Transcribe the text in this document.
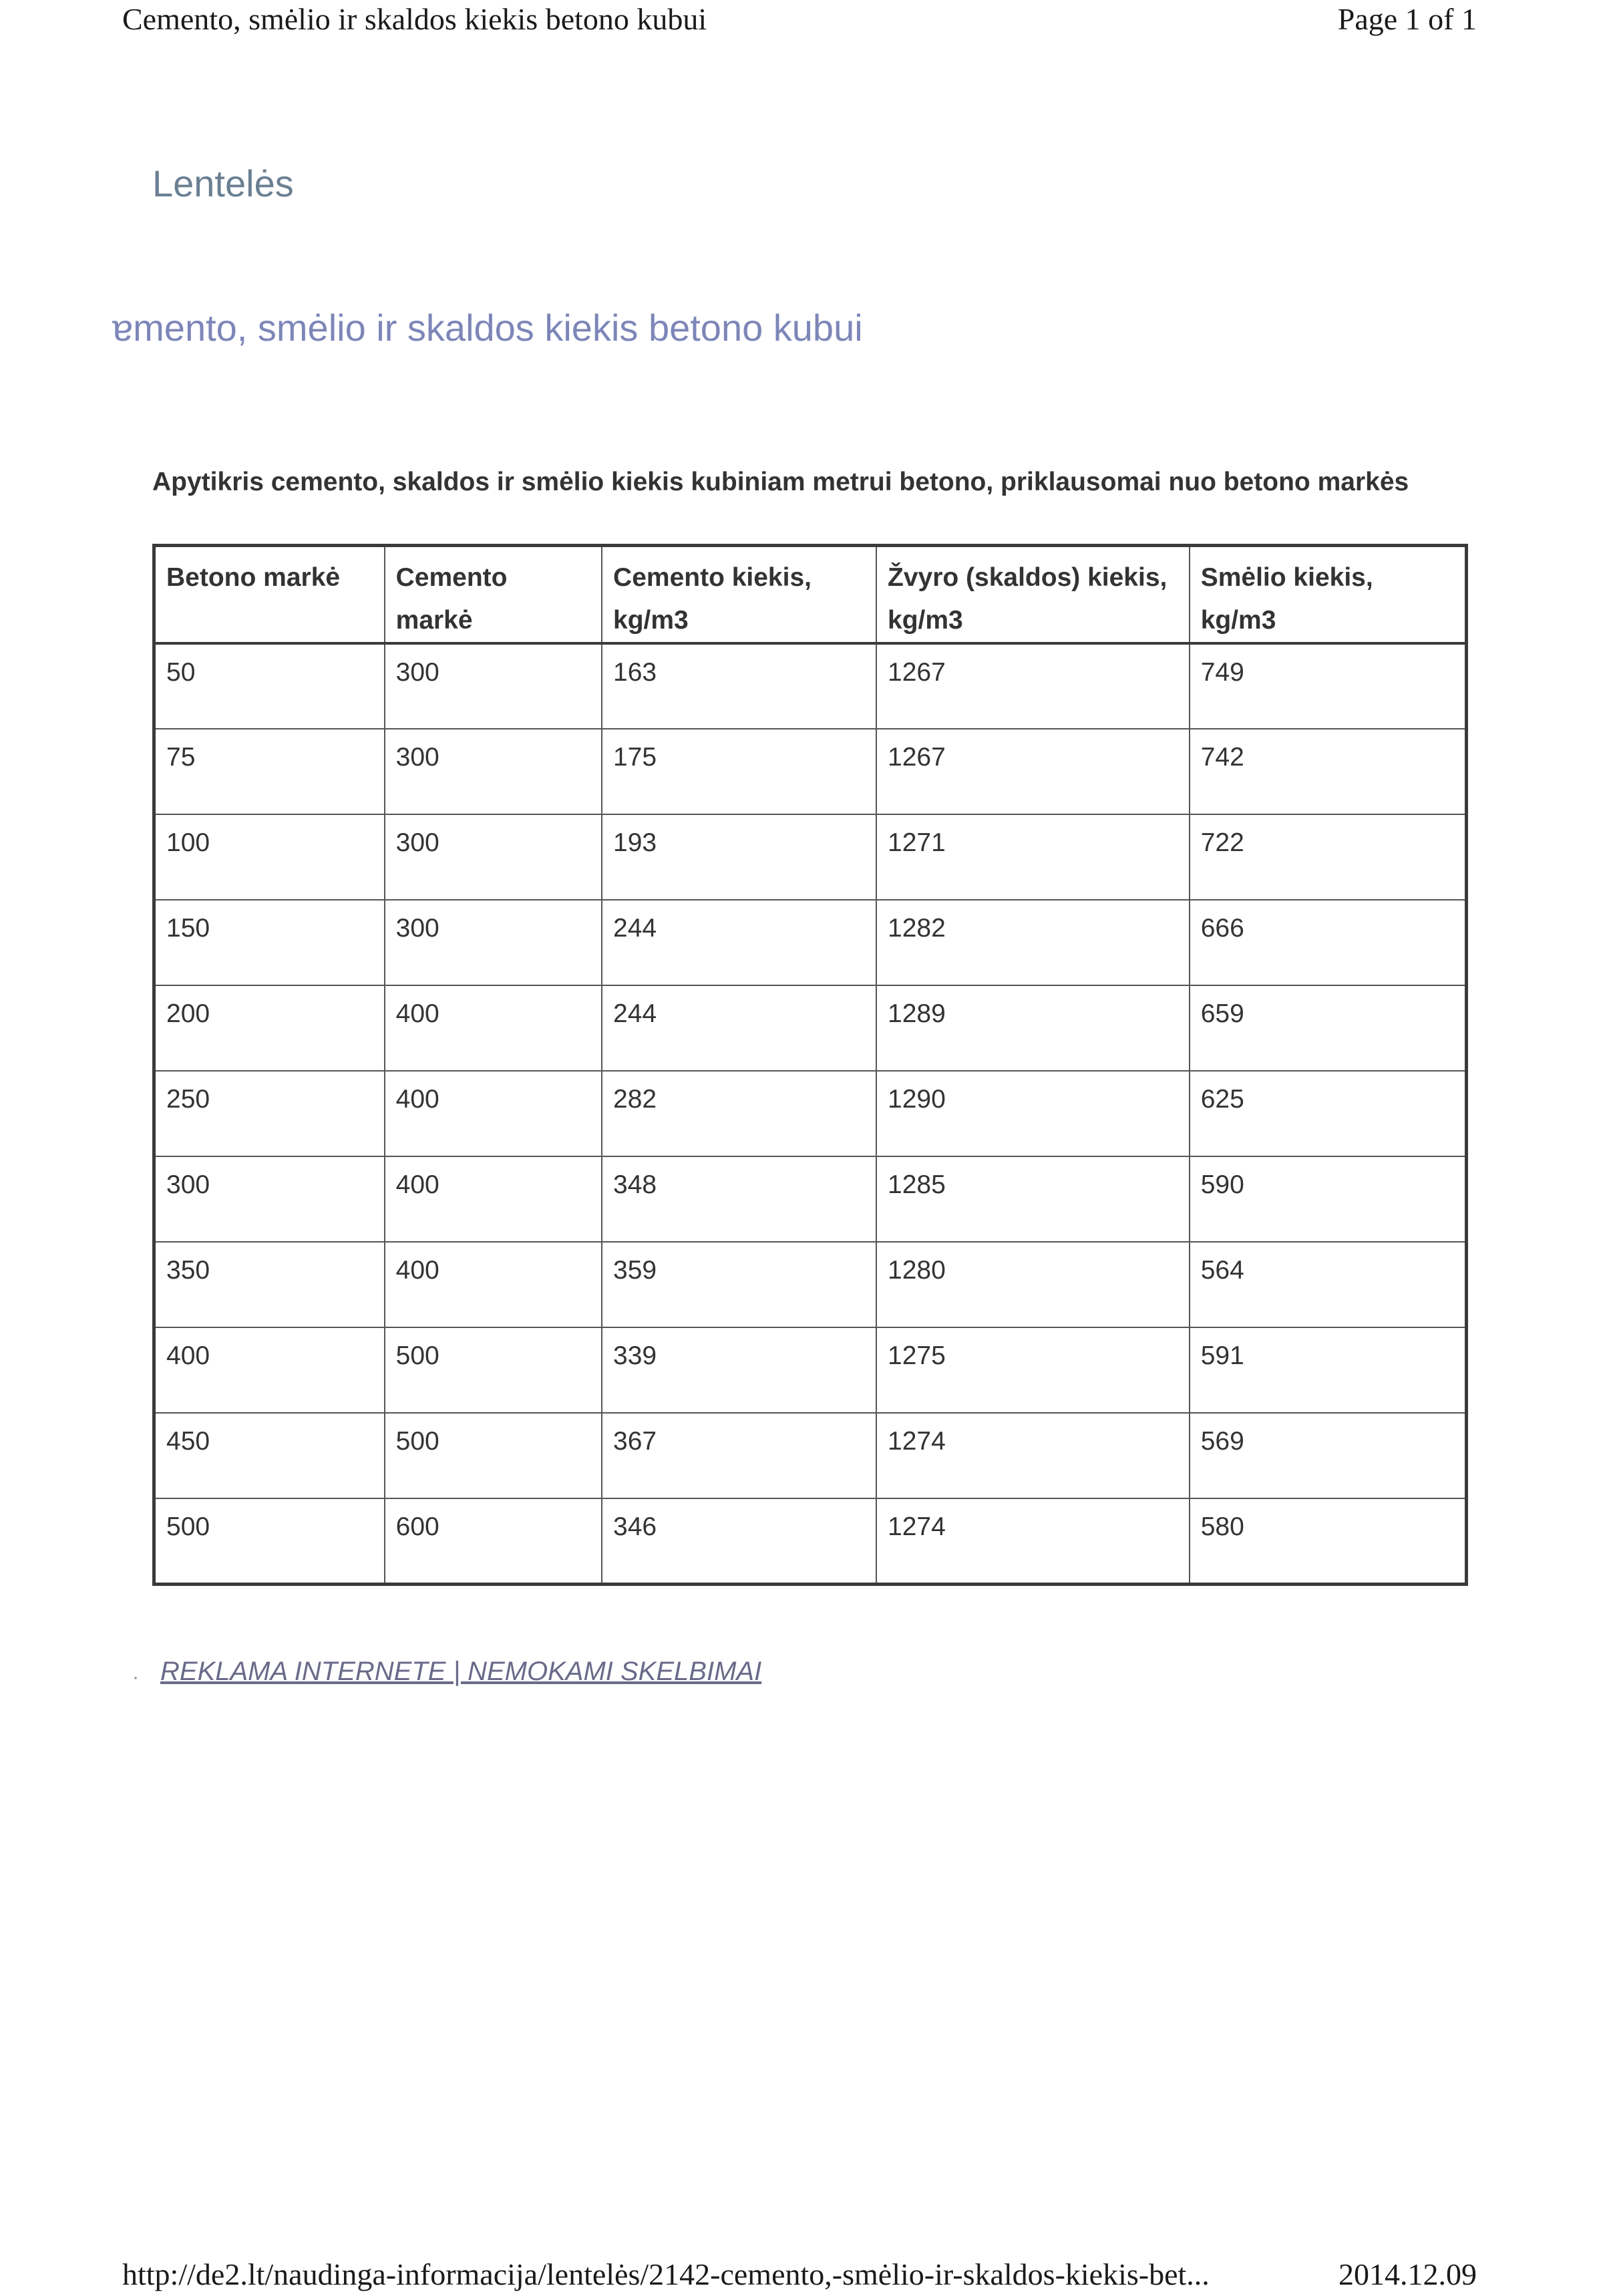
Cemento, smėlio ir skaldos kiekis betono kubui	Page 1 of 1
Lentelės
ɐmento, smėlio ir skaldos kiekis betono kubui
Apytikris cemento, skaldos ir smėlio kiekis kubiniam metrui betono, priklausomai nuo betono markės
Betono markė	Cemento markė	Cemento kiekis, kg/m3	Žvyro (skaldos) kiekis, kg/m3	Smėlio kiekis, kg/m3
50	300	163	1267	749
75	300	175	1267	742
100	300	193	1271	722
150	300	244	1282	666
200	400	244	1289	659
250	400	282	1290	625
300	400	348	1285	590
350	400	359	1280	564
400	500	339	1275	591
450	500	367	1274	569
500	600	346	1274	580
· REKLAMA INTERNETE | NEMOKAMI SKELBIMAI
http://de2.lt/naudinga-informacija/lentelės/2142-cemento,-smėlio-ir-skaldos-kiekis-bet...	2014.12.09
